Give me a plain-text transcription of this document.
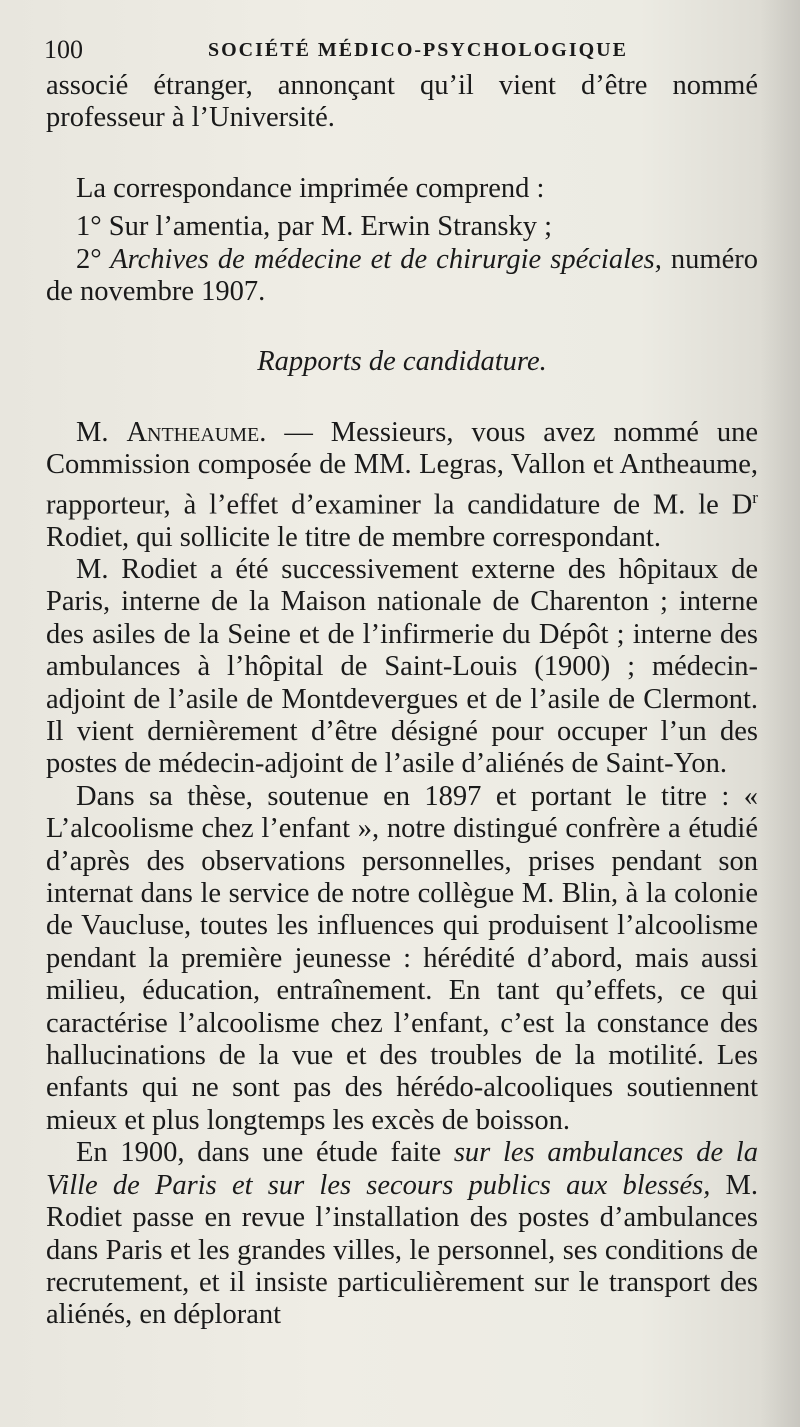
100	SOCIÉTÉ MÉDICO-PSYCHOLOGIQUE

associé étranger, annonçant qu’il vient d’être nommé professeur à l’Université.

La correspondance imprimée comprend :

1° Sur l’amentia, par M. Erwin Stransky ;

2° Archives de médecine et de chirurgie spéciales, numéro de novembre 1907.

Rapports de candidature.

M. Antheaume. — Messieurs, vous avez nommé une Commission composée de MM. Legras, Vallon et Antheaume, rapporteur, à l’effet d’examiner la candidature de M. le $D^r$ Rodiet, qui sollicite le titre de membre correspondant.

M. Rodiet a été successivement externe des hôpitaux de Paris, interne de la Maison nationale de Charenton ; interne des asiles de la Seine et de l’infirmerie du Dépôt ; interne des ambulances à l’hôpital de Saint-Louis (1900) ; médecin-adjoint de l’asile de Montdevergues et de l’asile de Clermont. Il vient dernièrement d’être désigné pour occuper l’un des postes de médecin-adjoint de l’asile d’aliénés de Saint-Yon.

Dans sa thèse, soutenue en 1897 et portant le titre : « L’alcoolisme chez l’enfant », notre distingué confrère a étudié d’après des observations personnelles, prises pendant son internat dans le service de notre collègue M. Blin, à la colonie de Vaucluse, toutes les influences qui produisent l’alcoolisme pendant la première jeunesse : hérédité d’abord, mais aussi milieu, éducation, entraînement. En tant qu’effets, ce qui caractérise l’alcoolisme chez l’enfant, c’est la constance des hallucinations de la vue et des troubles de la motilité. Les enfants qui ne sont pas des hérédo-alcooliques soutiennent mieux et plus longtemps les excès de boisson.

En 1900, dans une étude faite sur les ambulances de la Ville de Paris et sur les secours publics aux blessés, M. Rodiet passe en revue l’installation des postes d’ambulances dans Paris et les grandes villes, le personnel, ses conditions de recrutement, et il insiste particulièrement sur le transport des aliénés, en déplorant
